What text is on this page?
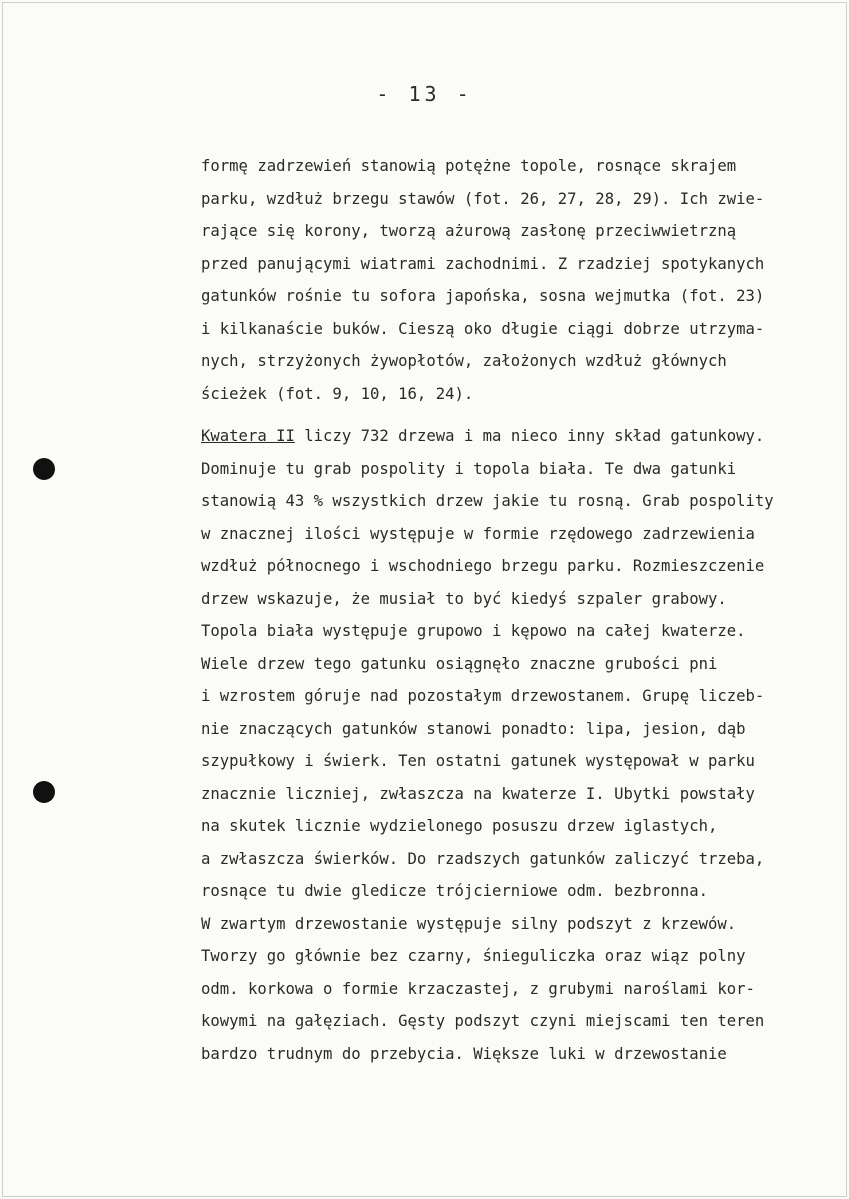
- 13 -
formę zadrzewień stanowią potężne topole, rosnące skrajem
parku, wzdłuż brzegu stawów (fot. 26, 27, 28, 29). Ich zwie-
rające się korony, tworzą ażurową zasłonę przeciwwietrzną
przed panującymi wiatrami zachodnimi. Z rzadziej spotykanych
gatunków rośnie tu sofora japońska, sosna wejmutka (fot. 23)
i kilkanaście buków. Cieszą oko długie ciągi dobrze utrzyma-
nych, strzyżonych żywopłotów, założonych wzdłuż głównych
ścieżek (fot. 9, 10, 16, 24).
Kwatera II liczy 732 drzewa i ma nieco inny skład gatunkowy.
Dominuje tu grab pospolity i topola biała. Te dwa gatunki
stanowią 43 % wszystkich drzew jakie tu rosną. Grab pospolity
w znacznej ilości występuje w formie rzędowego zadrzewienia
wzdłuż północnego i wschodniego brzegu parku. Rozmieszczenie
drzew wskazuje, że musiał to być kiedyś szpaler grabowy.
Topola biała występuje grupowo i kępowo na całej kwaterze.
Wiele drzew tego gatunku osiągnęło znaczne grubości pni
i wzrostem góruje nad pozostałym drzewostanem. Grupę liczeb-
nie znaczących gatunków stanowi ponadto: lipa, jesion, dąb
szypułkowy i świerk. Ten ostatni gatunek występował w parku
znacznie liczniej, zwłaszcza na kwaterze I. Ubytki powstały
na skutek licznie wydzielonego posuszu drzew iglastych,
a zwłaszcza świerków. Do rzadszych gatunków zaliczyć trzeba,
rosnące tu dwie gledicze trójcierniowe odm. bezbronna.
W zwartym drzewostanie występuje silny podszyt z krzewów.
Tworzy go głównie bez czarny, śnieguliczka oraz wiąz polny
odm. korkowa o formie krzaczastej, z grubymi naroślami kor-
kowymi na gałęziach. Gęsty podszyt czyni miejscami ten teren
bardzo trudnym do przebycia. Większe luki w drzewostanie
